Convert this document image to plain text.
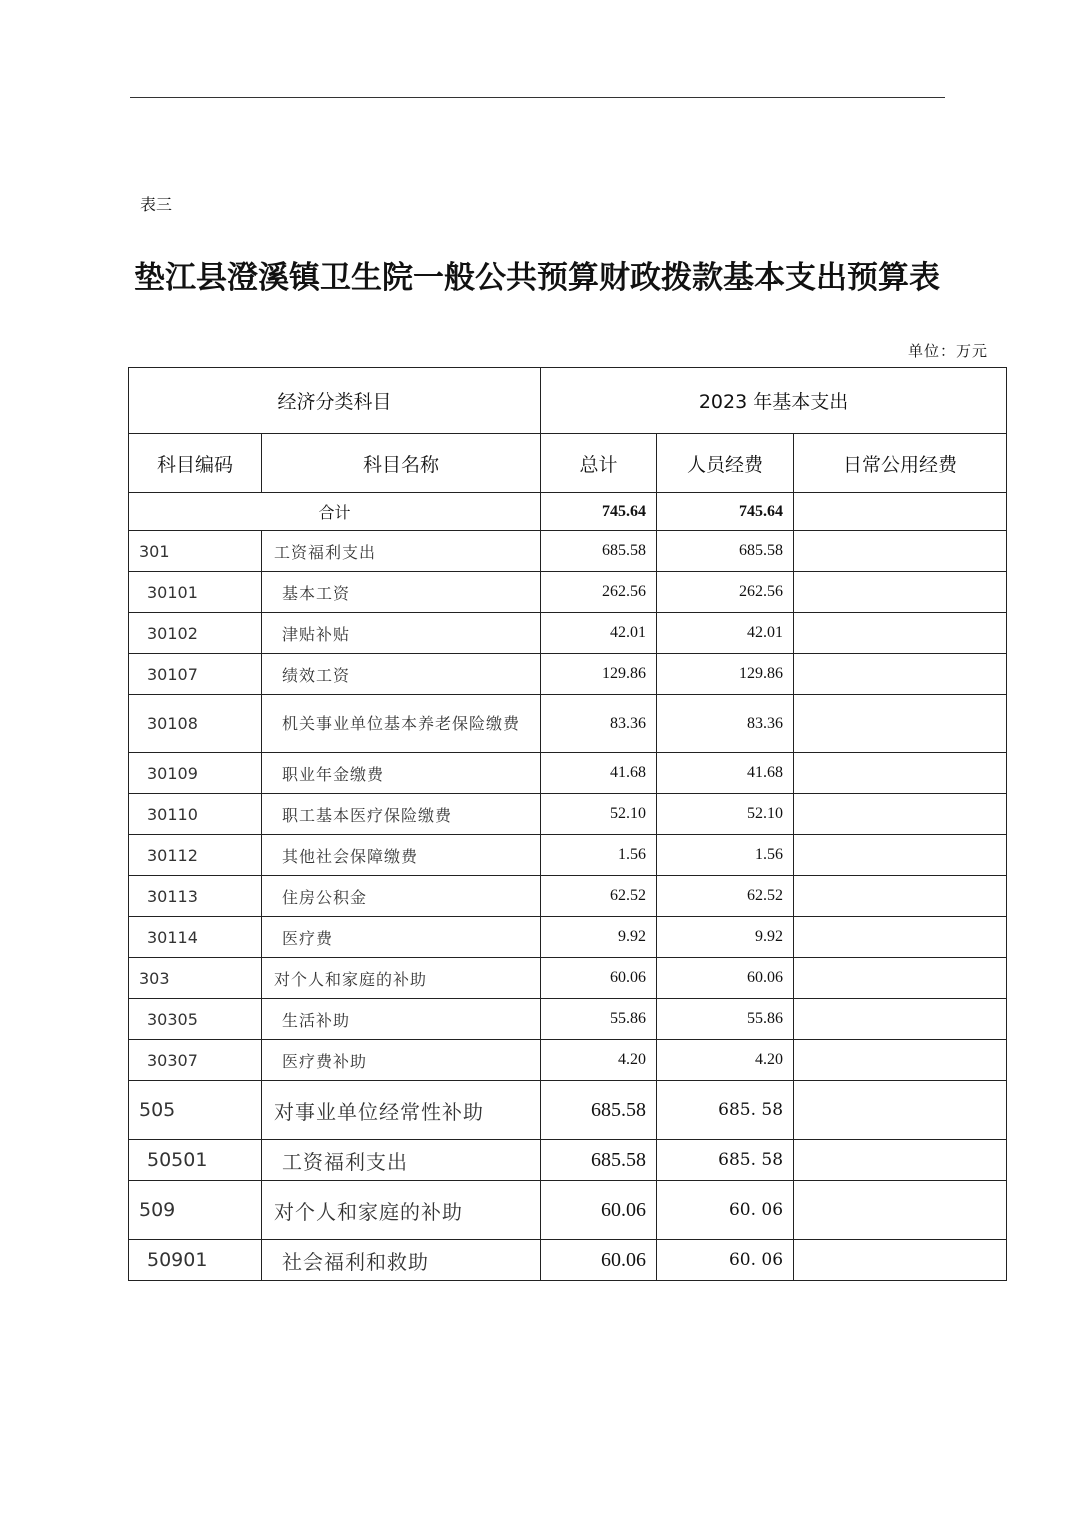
表三
垫江县澄溪镇卫生院一般公共预算财政拨款基本支出预算表
单位：万元
经济分类科目		2023 年基本支出		
科目编码	科目名称	总计	人员经费	日常公用经费
合计		745.64	745.64	
301	工资福利支出	685.58	685.58	
30101	基本工资	262.56	262.56	
30102	津贴补贴	42.01	42.01	
30107	绩效工资	129.86	129.86	
30108	机关事业单位基本养老保险缴费	83.36	83.36	
30109	职业年金缴费	41.68	41.68	
30110	职工基本医疗保险缴费	52.10	52.10	
30112	其他社会保障缴费	1.56	1.56	
30113	住房公积金	62.52	62.52	
30114	医疗费	9.92	9.92	
303	对个人和家庭的补助	60.06	60.06	
30305	生活补助	55.86	55.86	
30307	医疗费补助	4.20	4.20	
505	对事业单位经常性补助	685.58	685. 58	
50501	工资福利支出	685.58	685. 58	
509	对个人和家庭的补助	60.06	60. 06	
50901	社会福利和救助	60.06	60. 06	
